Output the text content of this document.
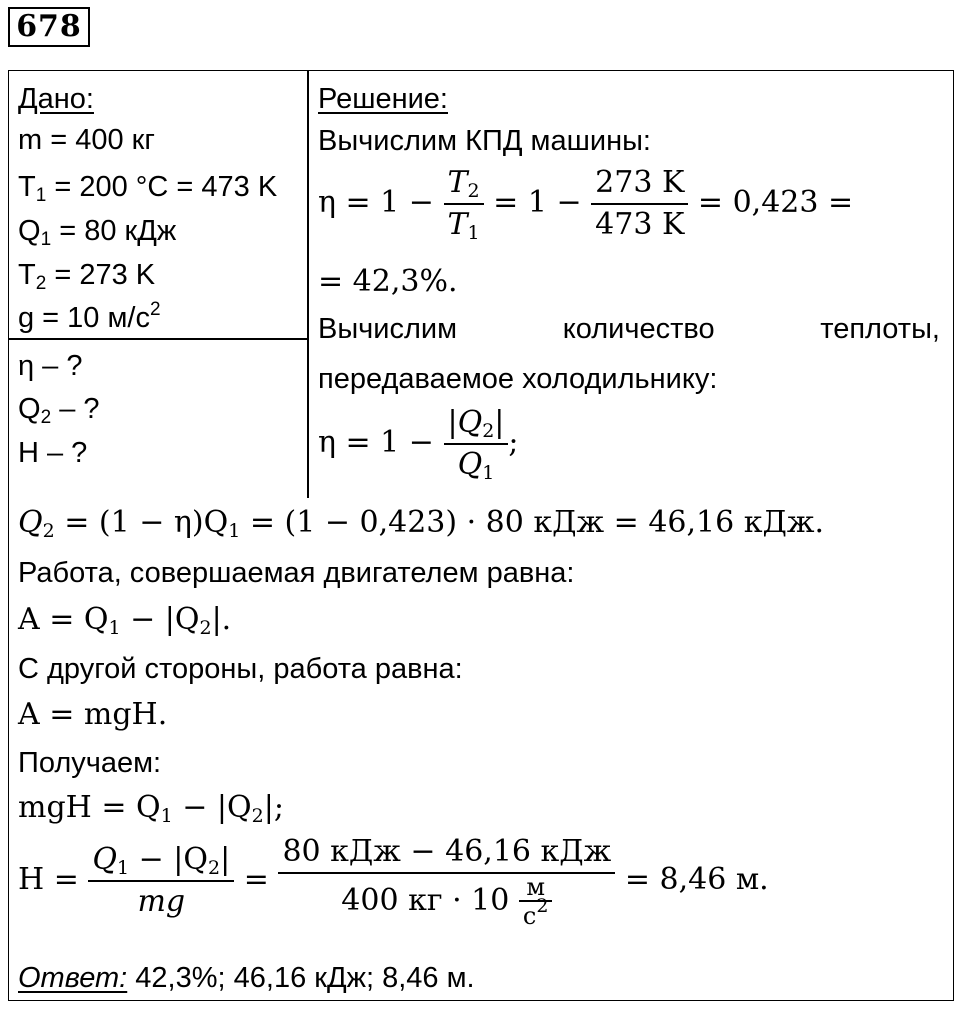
678
Дано:
m = 400 кг
$T_1 = 200$ °C = 473 K
$Q_1 = 80$ кДж
$T_2 = 273$ K
g = 10 $м/с^2$
η – ?
$Q_2$ – ?
H – ?
Решение:
Вычислим КПД машины:
$\eta = 1 - \frac{T_2}{T_1} = 1 - \frac{273 K}{473 K} = 0,423$ =
= 42,3%.
Вычислим	количество	теплоты,
передаваемое холодильнику:
$\eta = 1 - \frac{|Q_2|}{Q_1}$ ;
$Q_2 = (1 - \eta)Q_1 = (1 - 0,423) \cdot 80$ кДж = 46,16 кДж.
Работа, совершаемая двигателем равна:
$A = Q_1 - |Q_2|$.
С другой стороны, работа равна:
A = mgH.
Получаем:
mgH = $Q_1 - |Q_2|$;
$H = \frac{Q_1 - |Q_2|}{mg} = \frac{\text{80 кДж − 46,16 кДж}}{400 кг \cdot 10 \frac{м}{с^2}} = 8,46$ м.
Ответ: 42,3%; 46,16 кДж; 8,46 м.
